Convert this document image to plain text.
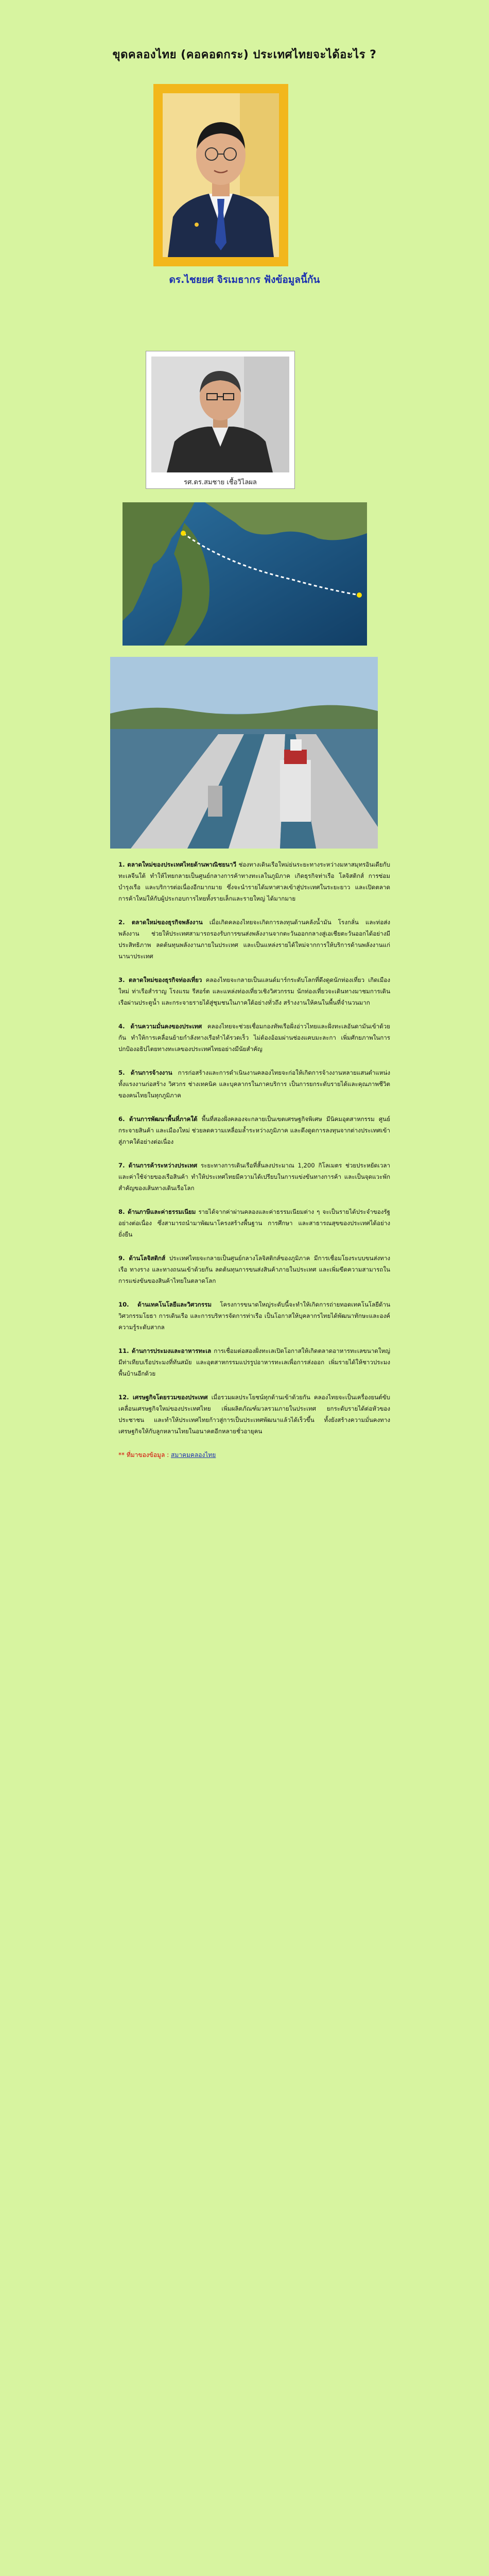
ขุดคลองไทย (คอคอดกระ) ประเทศไทยจะได้อะไร ?
ดร.ไชยยศ จิรเมธากร ฟังข้อมูลนี้กัน
รศ.ดร.สมชาย เชื้อวิไลผล

1. ตลาดใหม่ของประเทศไทยด้านพาณิชยนาวี ช่องทางเดินเรือใหม่ย่นระยะทางระหว่างมหาสมุทรอินเดียกับทะเลจีนใต้ ทำให้ไทยกลายเป็นศูนย์กลางการค้าทางทะเลในภูมิภาค เกิดธุรกิจท่าเรือ โลจิสติกส์ การซ่อมบำรุงเรือ และบริการต่อเนื่องอีกมากมาย ซึ่งจะนำรายได้มหาศาลเข้าสู่ประเทศในระยะยาว และเปิดตลาดการค้าใหม่ให้กับผู้ประกอบการไทยทั้งรายเล็กและรายใหญ่ ได้มากมาย

2. ตลาดใหม่ของธุรกิจพลังงาน เมื่อเกิดคลองไทยจะเกิดการลงทุนด้านคลังน้ำมัน โรงกลั่น และท่อส่งพลังงาน ช่วยให้ประเทศสามารถรองรับการขนส่งพลังงานจากตะวันออกกลางสู่เอเชียตะวันออกได้อย่างมีประสิทธิภาพ ลดต้นทุนพลังงานภายในประเทศ และเป็นแหล่งรายได้ใหม่จากการให้บริการด้านพลังงานแก่นานาประเทศ

3. ตลาดใหม่ของธุรกิจท่องเที่ยว คลองไทยจะกลายเป็นแลนด์มาร์กระดับโลกที่ดึงดูดนักท่องเที่ยว เกิดเมืองใหม่ ท่าเรือสำราญ โรงแรม รีสอร์ต และแหล่งท่องเที่ยวเชิงวิศวกรรม นักท่องเที่ยวจะเดินทางมาชมการเดินเรือผ่านประตูน้ำ และกระจายรายได้สู่ชุมชนในภาคใต้อย่างทั่วถึง สร้างงานให้คนในพื้นที่จำนวนมาก

4. ด้านความมั่นคงของประเทศ คลองไทยจะช่วยเชื่อมกองทัพเรือฝั่งอ่าวไทยและฝั่งทะเลอันดามันเข้าด้วยกัน ทำให้การเคลื่อนย้ายกำลังทางเรือทำได้รวดเร็ว ไม่ต้องอ้อมผ่านช่องแคบมะละกา เพิ่มศักยภาพในการปกป้องอธิปไตยทางทะเลของประเทศไทยอย่างมีนัยสำคัญ

5. ด้านการจ้างงาน การก่อสร้างและการดำเนินงานคลองไทยจะก่อให้เกิดการจ้างงานหลายแสนตำแหน่ง ทั้งแรงงานก่อสร้าง วิศวกร ช่างเทคนิค และบุคลากรในภาคบริการ เป็นการยกระดับรายได้และคุณภาพชีวิตของคนไทยในทุกภูมิภาค

6. ด้านการพัฒนาพื้นที่ภาคใต้ พื้นที่สองฝั่งคลองจะกลายเป็นเขตเศรษฐกิจพิเศษ มีนิคมอุตสาหกรรม ศูนย์กระจายสินค้า และเมืองใหม่ ช่วยลดความเหลื่อมล้ำระหว่างภูมิภาค และดึงดูดการลงทุนจากต่างประเทศเข้าสู่ภาคใต้อย่างต่อเนื่อง

7. ด้านการค้าระหว่างประเทศ ระยะทางการเดินเรือที่สั้นลงประมาณ 1,200 กิโลเมตร ช่วยประหยัดเวลาและค่าใช้จ่ายของเรือสินค้า ทำให้ประเทศไทยมีความได้เปรียบในการแข่งขันทางการค้า และเป็นจุดแวะพักสำคัญของเส้นทางเดินเรือโลก

8. ด้านภาษีและค่าธรรมเนียม รายได้จากค่าผ่านคลองและค่าธรรมเนียมต่าง ๆ จะเป็นรายได้ประจำของรัฐอย่างต่อเนื่อง ซึ่งสามารถนำมาพัฒนาโครงสร้างพื้นฐาน การศึกษา และสาธารณสุขของประเทศได้อย่างยั่งยืน

9. ด้านโลจิสติกส์ ประเทศไทยจะกลายเป็นศูนย์กลางโลจิสติกส์ของภูมิภาค มีการเชื่อมโยงระบบขนส่งทางเรือ ทางราง และทางถนนเข้าด้วยกัน ลดต้นทุนการขนส่งสินค้าภายในประเทศ และเพิ่มขีดความสามารถในการแข่งขันของสินค้าไทยในตลาดโลก

10. ด้านเทคโนโลยีและวิศวกรรม โครงการขนาดใหญ่ระดับนี้จะทำให้เกิดการถ่ายทอดเทคโนโลยีด้านวิศวกรรมโยธา การเดินเรือ และการบริหารจัดการท่าเรือ เป็นโอกาสให้บุคลากรไทยได้พัฒนาทักษะและองค์ความรู้ระดับสากล

11. ด้านการประมงและอาหารทะเล การเชื่อมต่อสองฝั่งทะเลเปิดโอกาสให้เกิดตลาดอาหารทะเลขนาดใหญ่ มีท่าเทียบเรือประมงที่ทันสมัย และอุตสาหกรรมแปรรูปอาหารทะเลเพื่อการส่งออก เพิ่มรายได้ให้ชาวประมงพื้นบ้านอีกด้วย

12. เศรษฐกิจโดยรวมของประเทศ เมื่อรวมผลประโยชน์ทุกด้านเข้าด้วยกัน คลองไทยจะเป็นเครื่องยนต์ขับเคลื่อนเศรษฐกิจใหม่ของประเทศไทย เพิ่มผลิตภัณฑ์มวลรวมภายในประเทศ ยกระดับรายได้ต่อหัวของประชาชน และทำให้ประเทศไทยก้าวสู่การเป็นประเทศพัฒนาแล้วได้เร็วขึ้น ทั้งยังสร้างความมั่นคงทางเศรษฐกิจให้กับลูกหลานไทยในอนาคตอีกหลายชั่วอายุคน

** ที่มาของข้อมูล : สมาคมคลองไทย
